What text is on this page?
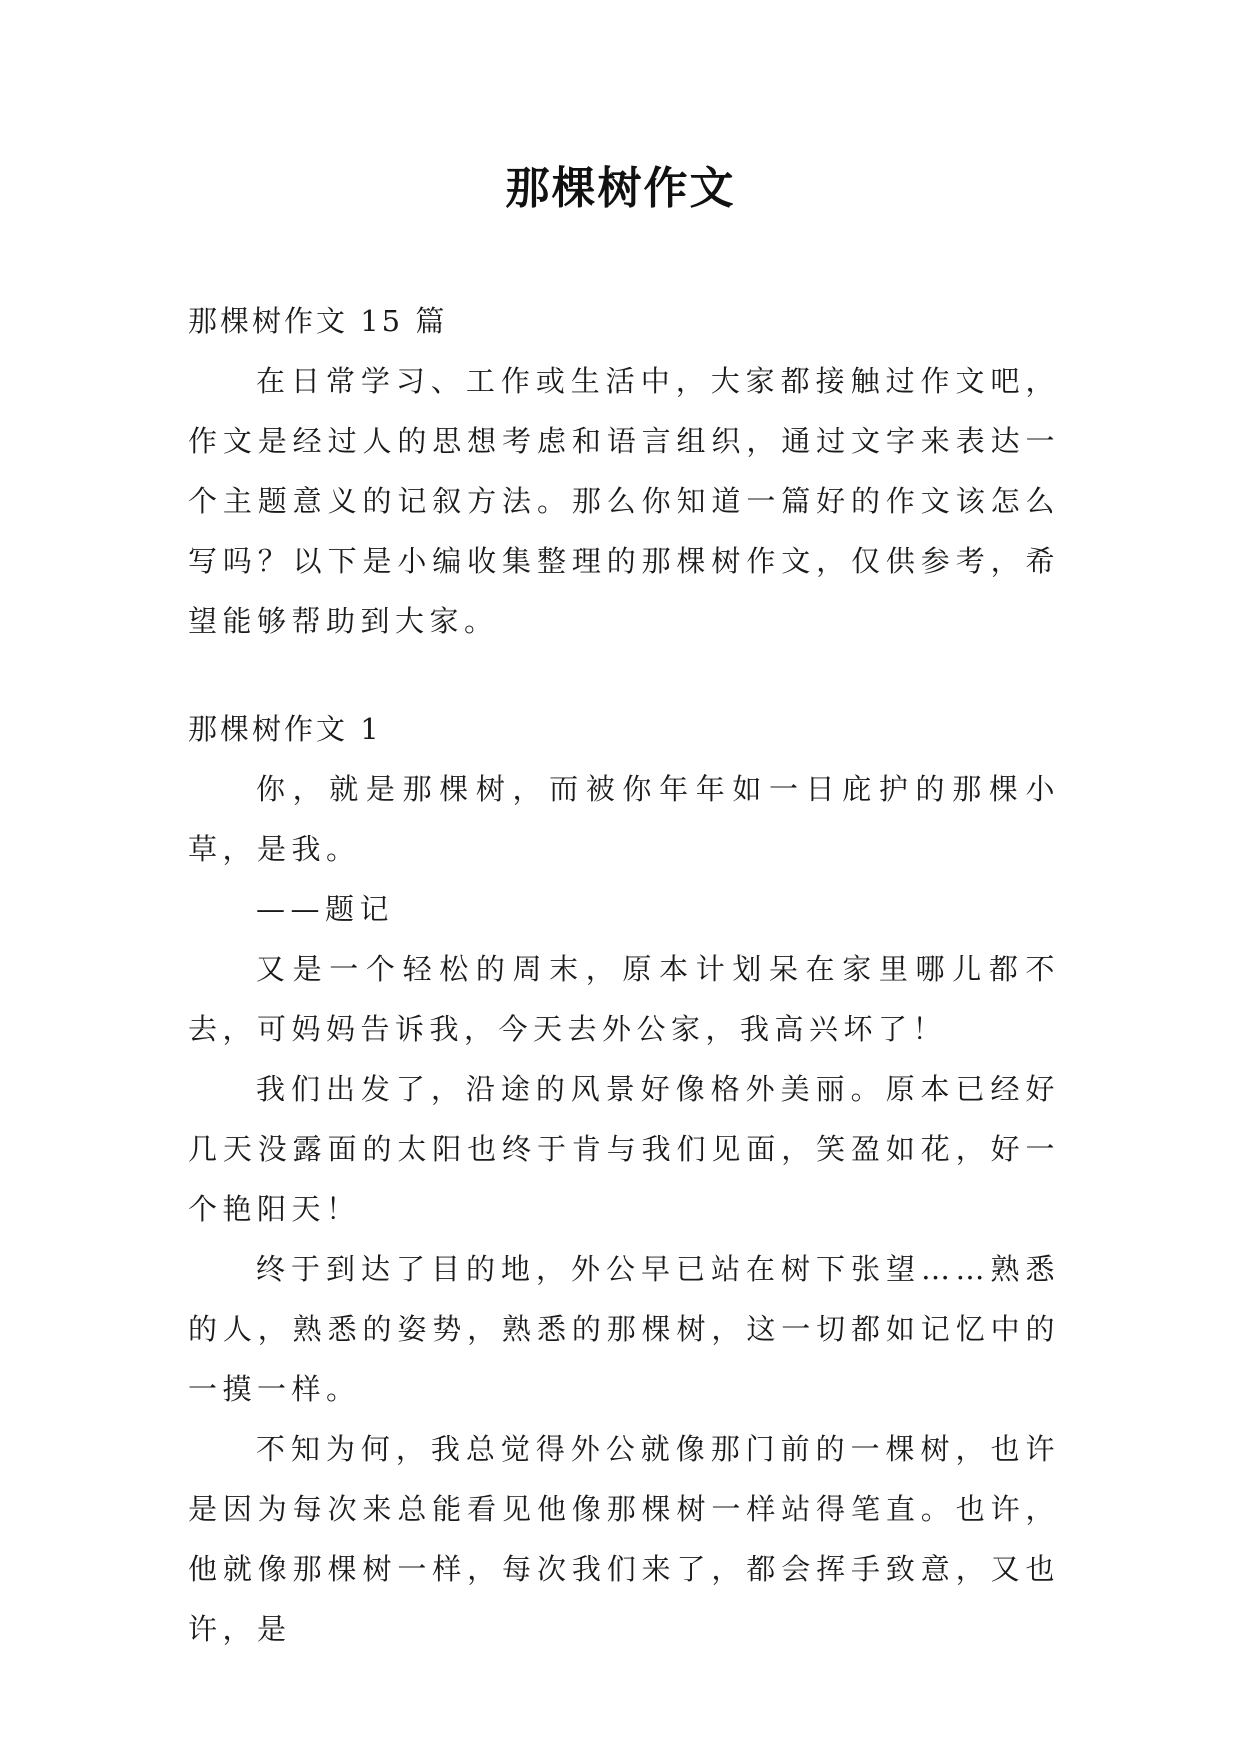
那棵树作文

那棵树作文 15 篇

在日常学习、工作或生活中，大家都接触过作文吧，作文是经过人的思想考虑和语言组织，通过文字来表达一个主题意义的记叙方法。那么你知道一篇好的作文该怎么写吗？以下是小编收集整理的那棵树作文，仅供参考，希望能够帮助到大家。

那棵树作文 1

你，就是那棵树，而被你年年如一日庇护的那棵小草，是我。

——题记

又是一个轻松的周末，原本计划呆在家里哪儿都不去，可妈妈告诉我，今天去外公家，我高兴坏了！

我们出发了，沿途的风景好像格外美丽。原本已经好几天没露面的太阳也终于肯与我们见面，笑盈如花，好一个艳阳天！

终于到达了目的地，外公早已站在树下张望……熟悉的人，熟悉的姿势，熟悉的那棵树，这一切都如记忆中的一摸一样。

不知为何，我总觉得外公就像那门前的一棵树，也许是因为每次来总能看见他像那棵树一样站得笔直。也许，他就像那棵树一样，每次我们来了，都会挥手致意，又也许，是
